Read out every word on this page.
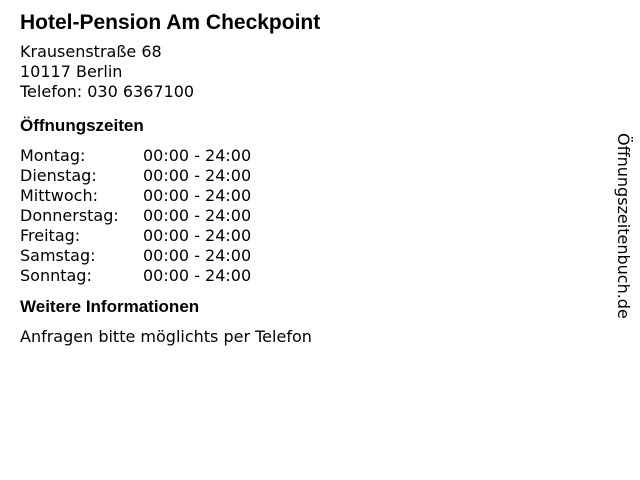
Hotel-Pension Am Checkpoint
Krausenstraße 68
10117 Berlin
Telefon: 030 6367100
Öffnungszeiten
Montag:	00:00 - 24:00
Dienstag:	00:00 - 24:00
Mittwoch:	00:00 - 24:00
Donnerstag:	00:00 - 24:00
Freitag:	00:00 - 24:00
Samstag:	00:00 - 24:00
Sonntag:	00:00 - 24:00
Weitere Informationen
Anfragen bitte möglichts per Telefon
Öffnungszeitenbuch.de
